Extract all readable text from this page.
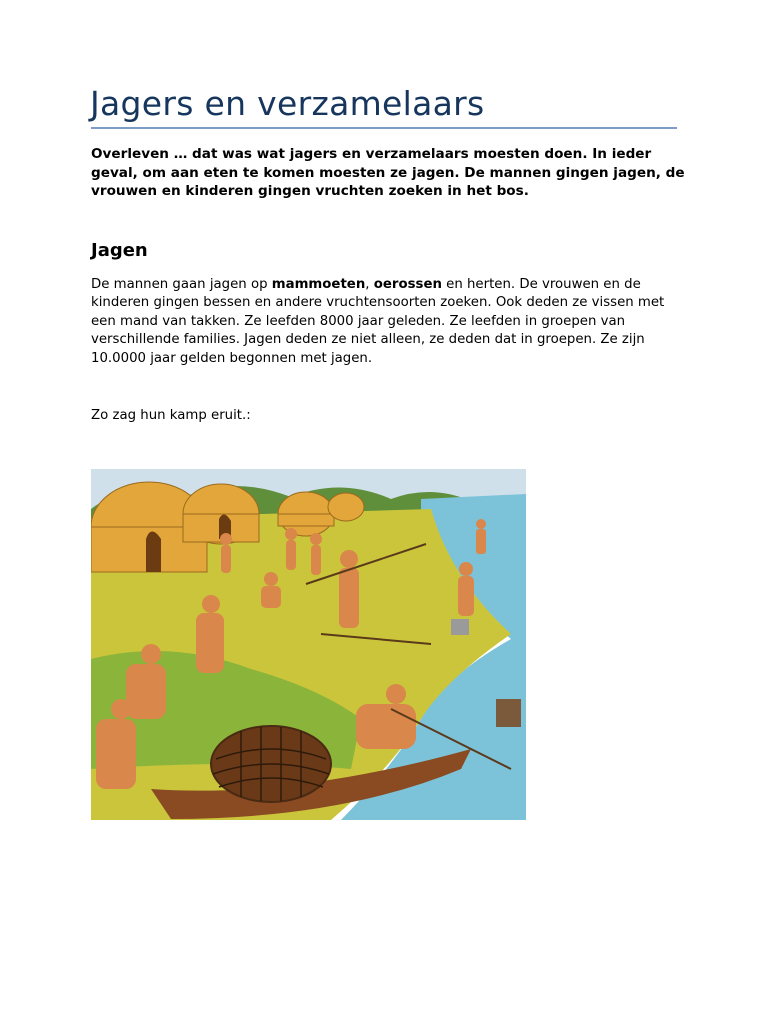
Jagers en verzamelaars

Overleven … dat was wat jagers en verzamelaars moesten doen. In ieder geval, om aan eten te komen moesten ze jagen. De mannen gingen jagen, de vrouwen en kinderen gingen vruchten zoeken in het bos.

Jagen

De mannen gaan jagen op mammoeten, oerossen en herten. De vrouwen en de kinderen gingen bessen en andere vruchtensoorten zoeken. Ook deden ze vissen met een mand van takken. Ze leefden 8000 jaar geleden. Ze leefden in groepen van verschillende families. Jagen deden ze niet alleen, ze deden dat in groepen. Ze zijn 10.0000 jaar gelden begonnen met jagen.

Zo zag hun kamp eruit.:
